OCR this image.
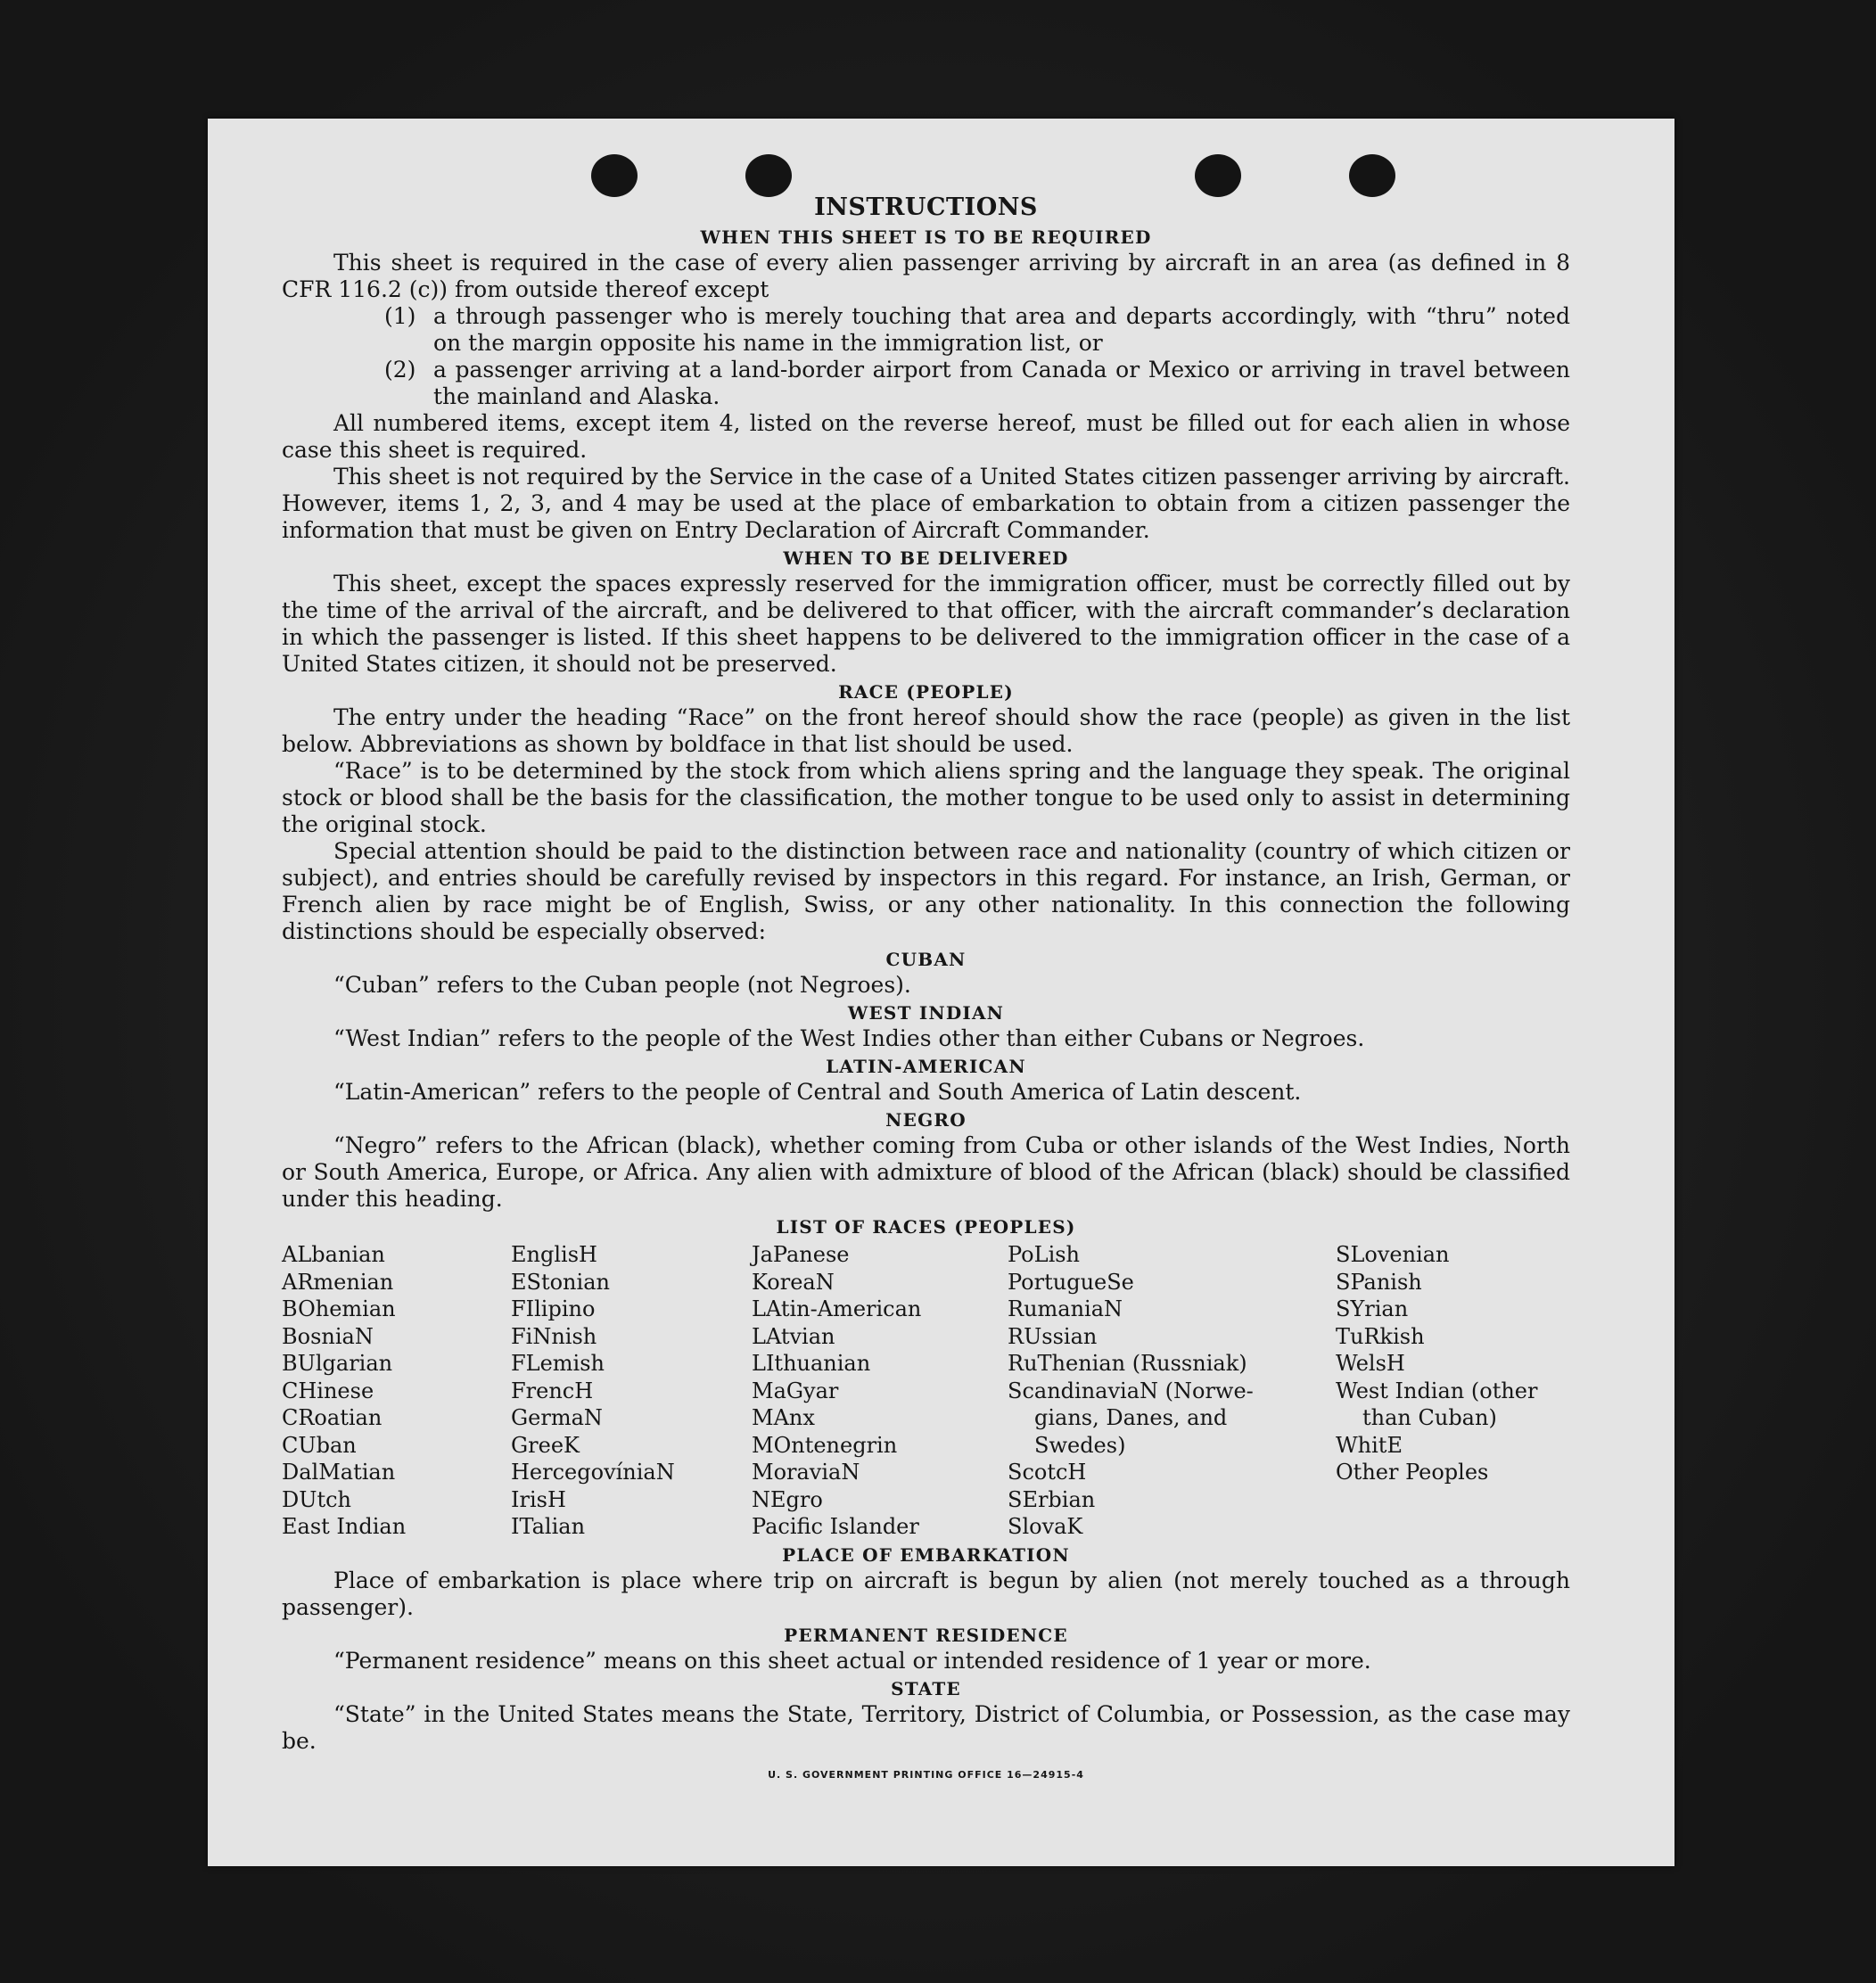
INSTRUCTIONS
WHEN THIS SHEET IS TO BE REQUIRED

This sheet is required in the case of every alien passenger arriving by aircraft in an area (as defined in 8 CFR 116.2 (c)) from outside thereof except

(1) a through passenger who is merely touching that area and departs accordingly, with “thru” noted on the margin opposite his name in the immigration list, or
(2) a passenger arriving at a land-border airport from Canada or Mexico or arriving in travel between the mainland and Alaska.

All numbered items, except item 4, listed on the reverse hereof, must be filled out for each alien in whose case this sheet is required.

This sheet is not required by the Service in the case of a United States citizen passenger arriving by aircraft. However, items 1, 2, 3, and 4 may be used at the place of embarkation to obtain from a citizen passenger the information that must be given on Entry Declaration of Aircraft Commander.

WHEN TO BE DELIVERED

This sheet, except the spaces expressly reserved for the immigration officer, must be correctly filled out by the time of the arrival of the aircraft, and be delivered to that officer, with the aircraft commander’s declaration in which the passenger is listed. If this sheet happens to be delivered to the immigration officer in the case of a United States citizen, it should not be preserved.

RACE (PEOPLE)

The entry under the heading “Race” on the front hereof should show the race (people) as given in the list below. Abbreviations as shown by boldface in that list should be used.

“Race” is to be determined by the stock from which aliens spring and the language they speak. The original stock or blood shall be the basis for the classification, the mother tongue to be used only to assist in determining the original stock.

Special attention should be paid to the distinction between race and nationality (country of which citizen or subject), and entries should be carefully revised by inspectors in this regard. For instance, an Irish, German, or French alien by race might be of English, Swiss, or any other nationality. In this connection the following distinctions should be especially observed:

CUBAN

“Cuban” refers to the Cuban people (not Negroes).

WEST INDIAN

“West Indian” refers to the people of the West Indies other than either Cubans or Negroes.

LATIN-AMERICAN

“Latin-American” refers to the people of Central and South America of Latin descent.

NEGRO

“Negro” refers to the African (black), whether coming from Cuba or other islands of the West Indies, North or South America, Europe, or Africa. Any alien with admixture of blood of the African (black) should be classified under this heading.

LIST OF RACES (PEOPLES)
ALbanian
ARmenian
BOhemian
BosniaN
BUlgarian
CHinese
CRoatian
CUban
DalMatian
DUtch
East Indian
EnglisH
EStonian
FIlipino
FiNnish
FLemish
FrencH
GermaN
GreeK
HercegovíniaN
IrisH
ITalian
JaPanese
KoreaN
LAtin-American
LAtvian
LIthuanian
MaGyar
MAnx
MOntenegrin
MoraviaN
NEgro
Pacific Islander
PoLish
PortugueSe
RumaniaN
RUssian
RuThenian (Russniak)
ScandinaviaN (Norwe-
gians, Danes, and
Swedes)
ScotcH
SErbian
SlovaK
SLovenian
SPanish
SYrian
TuRkish
WelsH
West Indian (other
than Cuban)
WhitE
Other Peoples
PLACE OF EMBARKATION

Place of embarkation is place where trip on aircraft is begun by alien (not merely touched as a through passenger).

PERMANENT RESIDENCE

“Permanent residence” means on this sheet actual or intended residence of 1 year or more.

STATE

“State” in the United States means the State, Territory, District of Columbia, or Possession, as the case may be.

U. S. GOVERNMENT PRINTING OFFICE 16—24915-4
